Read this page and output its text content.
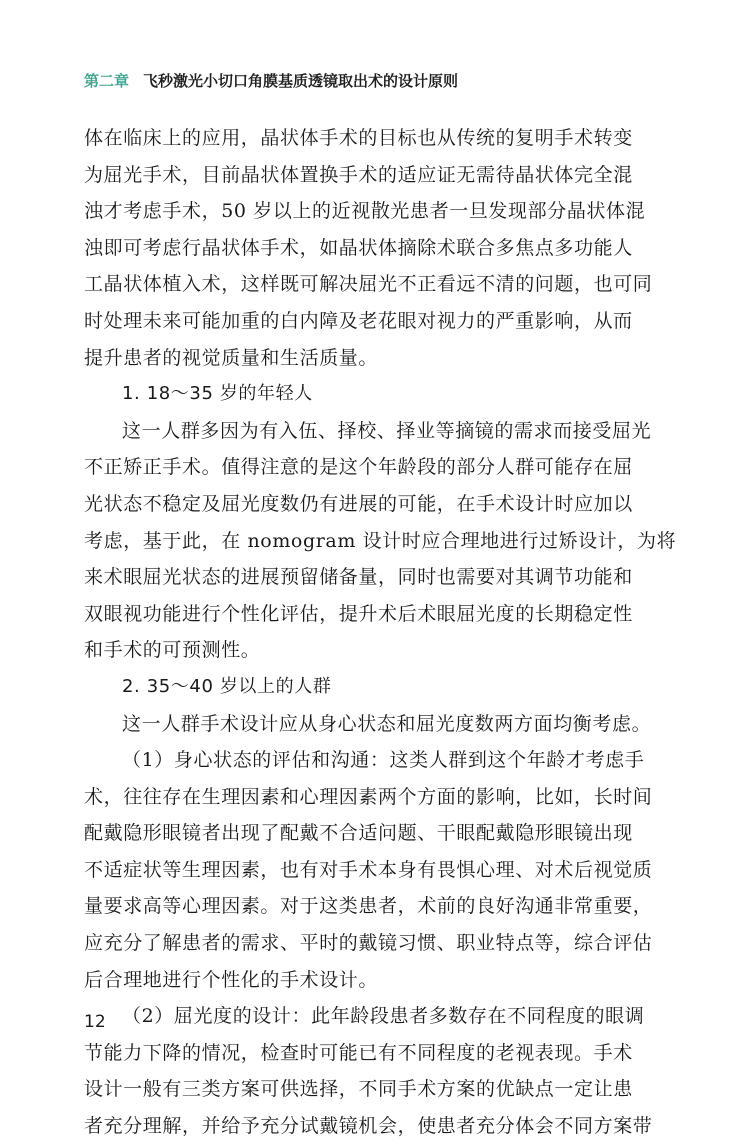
第二章 飞秒激光小切口角膜基质透镜取出术的设计原则
体在临床上的应用，晶状体手术的目标也从传统的复明手术转变
为屈光手术，目前晶状体置换手术的适应证无需待晶状体完全混
浊才考虑手术，50 岁以上的近视散光患者一旦发现部分晶状体混
浊即可考虑行晶状体手术，如晶状体摘除术联合多焦点多功能人
工晶状体植入术，这样既可解决屈光不正看远不清的问题，也可同
时处理未来可能加重的白内障及老花眼对视力的严重影响，从而
提升患者的视觉质量和生活质量。
1. 18～35 岁的年轻人
这一人群多因为有入伍、择校、择业等摘镜的需求而接受屈光
不正矫正手术。值得注意的是这个年龄段的部分人群可能存在屈
光状态不稳定及屈光度数仍有进展的可能，在手术设计时应加以
考虑，基于此，在 nomogram 设计时应合理地进行过矫设计，为将
来术眼屈光状态的进展预留储备量，同时也需要对其调节功能和
双眼视功能进行个性化评估，提升术后术眼屈光度的长期稳定性
和手术的可预测性。
2. 35～40 岁以上的人群
这一人群手术设计应从身心状态和屈光度数两方面均衡考虑。
（1）身心状态的评估和沟通：这类人群到这个年龄才考虑手
术，往往存在生理因素和心理因素两个方面的影响，比如，长时间
配戴隐形眼镜者出现了配戴不合适问题、干眼配戴隐形眼镜出现
不适症状等生理因素，也有对手术本身有畏惧心理、对术后视觉质
量要求高等心理因素。对于这类患者，术前的良好沟通非常重要，
应充分了解患者的需求、平时的戴镜习惯、职业特点等，综合评估
后合理地进行个性化的手术设计。
（2）屈光度的设计：此年龄段患者多数存在不同程度的眼调
节能力下降的情况，检查时可能已有不同程度的老视表现。手术
设计一般有三类方案可供选择，不同手术方案的优缺点一定让患
者充分理解，并给予充分试戴镜机会，使患者充分体会不同方案带
12
